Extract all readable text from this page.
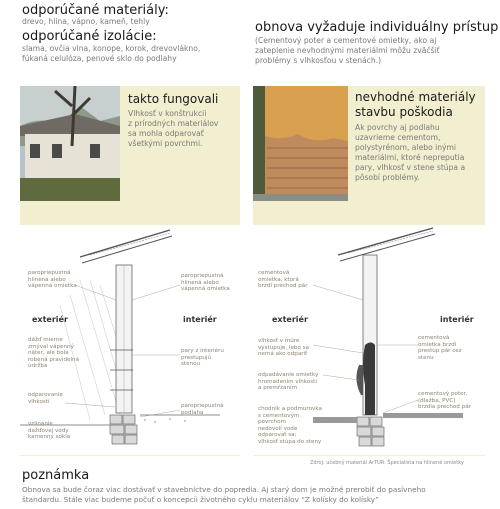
odporúčané materiály:
drevo, hlina, vápno, kameň, tehly
odporúčané izolácie:
slama, ovčia vlna, konope, korok, drevovlákno,
fúkaná celulóza, penové sklo do podlahy
obnova vyžaduje individuálny prístup
(Cementový poter a cementové omietky, ako aj
zateplenie nevhodnými materiálmi môžu zväčšiť
problémy s vlhkosťou v stenách.)
takto fungovali
Vlhkosť v konštrukcii
z prírodných materiálov
sa mohla odparovať
všetkými povrchmi.
paropriepustná
hlinená alebo
vápenná omietka
exteriér	interiér
dážď mierne
zmýval vápenný
náter, ale bola
robená pravidelná
údržba
odparovanie
vlhkosti
vzlínanie
dažďovej vody
kamenný sokla
paropriepustná
hlinená alebo
vápenná omietka
pary z interiéru
prestupujú
stenou
paropriepustná
podlaha
nevhodné materiály
stavbu poškodia
Ak povrchy aj podlahu
uzavrieme cementom,
polystyrénom, alebo inými
materiálmi, ktoré nepreputia
pary, vlhkosť v stene stúpa a
pôsobí problémy.
cementová
omietka, ktorá
brzdí prechod pár
exteriér	interiér
vlhkosť v múre
vystupuje, lebo sa
nemá ako odpariť
odpadávanie omietky
hromadením vlhkosti
a premŕzaním
chodník a podmurovka
s cementovým
povrchom
nedovolí vode
odparovať sa;
vlhkosť stúpa do steny
cementová
omietka brzdí
prestup pár cez
stenu
cementový poter,
(dlažba, PVC)
brzdia prechod pár
Zdroj: učebný materiál ArTUR: Špecialista na hlinené omietky
poznámka
Obnova sa bude čoraz viac dostávať v stavebníctve do popredia. Aj starý dom je možné prerobiť do pasívneho
štandardu. Stále viac budeme počuť o koncepcii životného cyklu materiálov “Z kolísky do kolísky”
